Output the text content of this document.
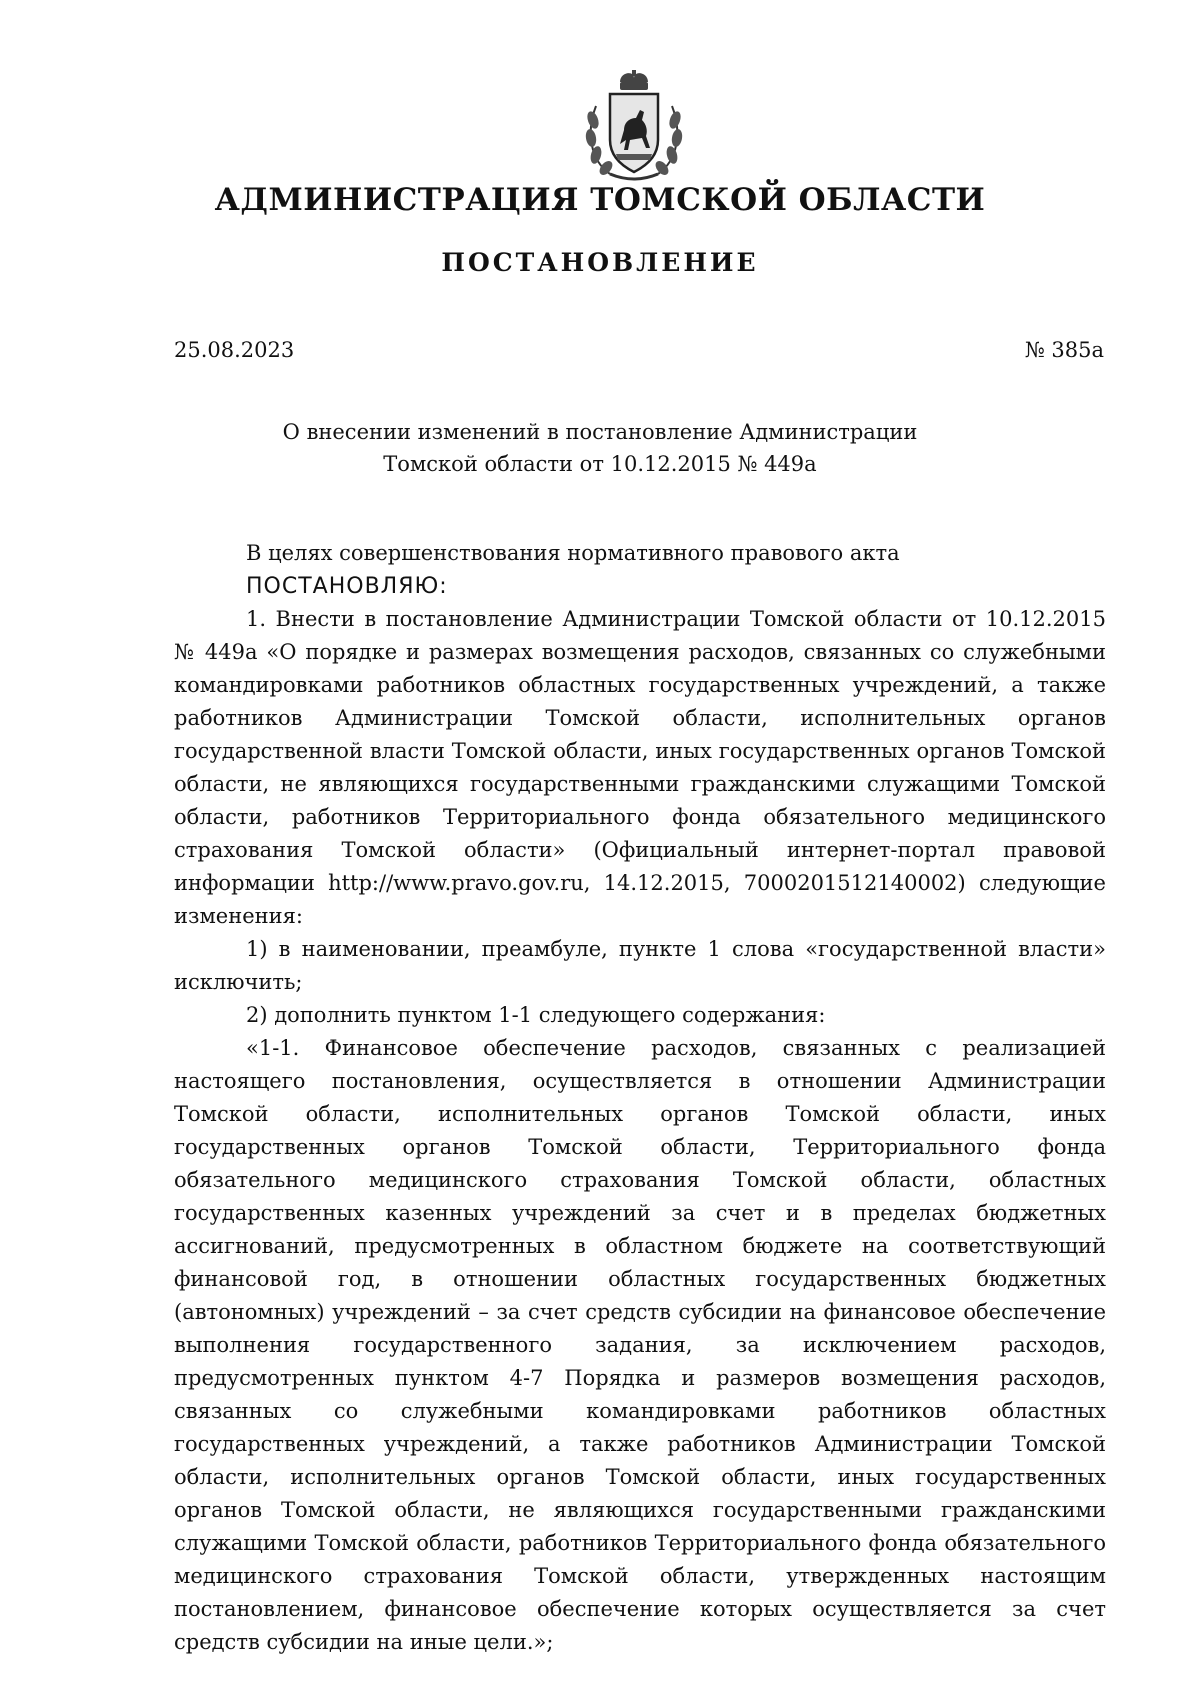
АДМИНИСТРАЦИЯ ТОМСКОЙ ОБЛАСТИ
ПОСТАНОВЛЕНИЕ
25.08.2023	№ 385а
О внесении изменений в постановление Администрации
Томской области от 10.12.2015 № 449а

В целях совершенствования нормативного правового акта

ПОСТАНОВЛЯЮ:

1. Внести в постановление Администрации Томской области от 10.12.2015 № 449а «О порядке и размерах возмещения расходов, связанных со служебными командировками работников областных государственных учреждений, а также работников Администрации Томской области, исполнительных органов государственной власти Томской области, иных государственных органов Томской области, не являющихся государственными гражданскими служащими Томской области, работников Территориального фонда обязательного медицинского страхования Томской области» (Официальный интернет-портал правовой информации http://www.pravo.gov.ru, 14.12.2015, 7000201512140002) следующие изменения:

1) в наименовании, преамбуле, пункте 1 слова «государственной власти» исключить;

2) дополнить пунктом 1-1 следующего содержания:

«1-1. Финансовое обеспечение расходов, связанных с реализацией настоящего постановления, осуществляется в отношении Администрации Томской области, исполнительных органов Томской области, иных государственных органов Томской области, Территориального фонда обязательного медицинского страхования Томской области, областных государственных казенных учреждений за счет и в пределах бюджетных ассигнований, предусмотренных в областном бюджете на соответствующий финансовой год, в отношении областных государственных бюджетных (автономных) учреждений – за счет средств субсидии на финансовое обеспечение выполнения государственного задания, за исключением расходов, предусмотренных пунктом 4-7 Порядка и размеров возмещения расходов, связанных со служебными командировками работников областных государственных учреждений, а также работников Администрации Томской области, исполнительных органов Томской области, иных государственных органов Томской области, не являющихся государственными гражданскими служащими Томской области, работников Территориального фонда обязательного медицинского страхования Томской области, утвержденных настоящим постановлением, финансовое обеспечение которых осуществляется за счет средств субсидии на иные цели.»;
